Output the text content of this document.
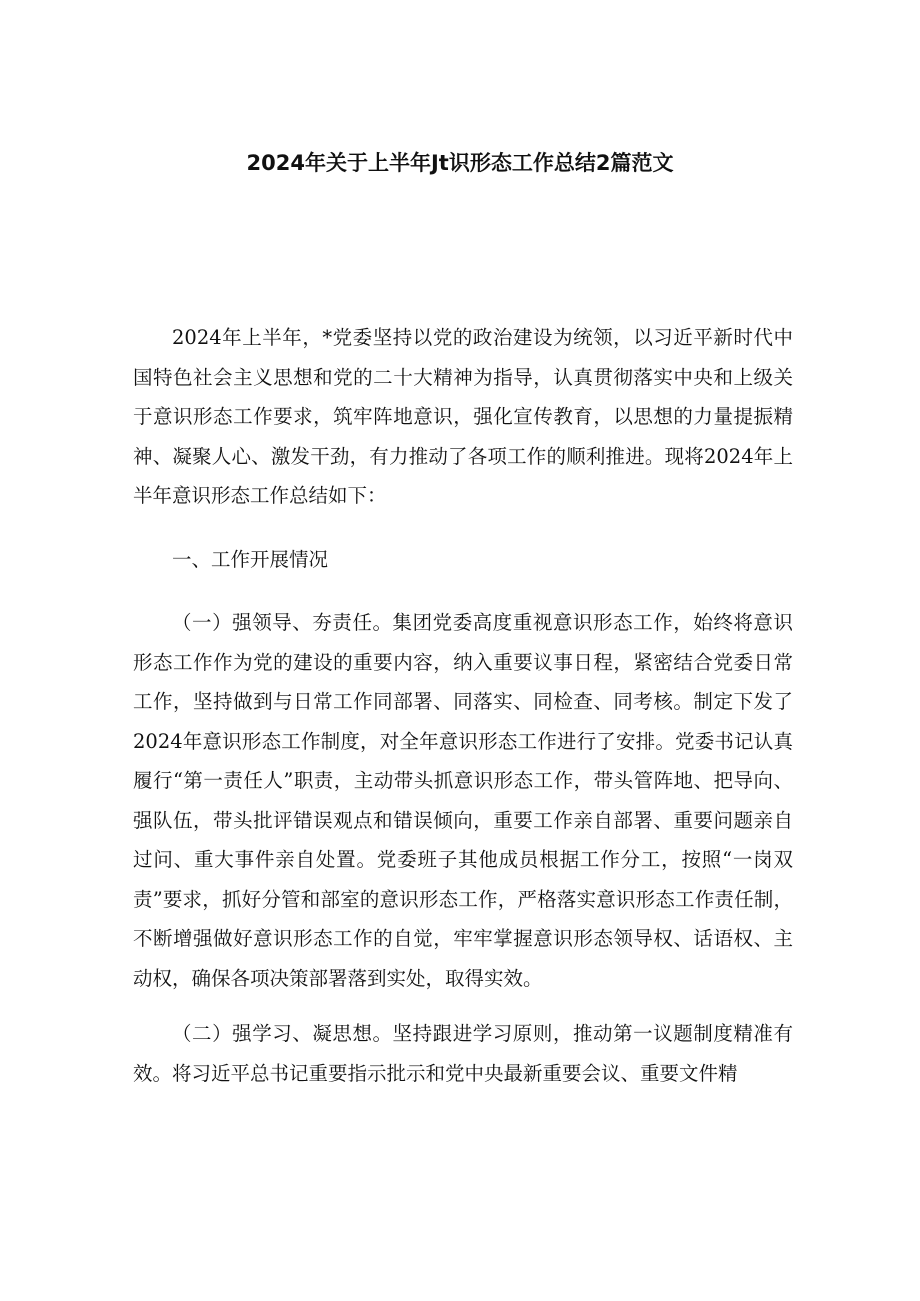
2024年关于上半年Jt识形态工作总结2篇范文

2024年上半年，*党委坚持以党的政治建设为统领，以习近平新时代中国特色社会主义思想和党的二十大精神为指导，认真贯彻落实中央和上级关于意识形态工作要求，筑牢阵地意识，强化宣传教育，以思想的力量提振精神、凝聚人心、激发干劲，有力推动了各项工作的顺利推进。现将2024年上半年意识形态工作总结如下：

一、工作开展情况

（一）强领导、夯责任。集团党委高度重视意识形态工作，始终将意识形态工作作为党的建设的重要内容，纳入重要议事日程，紧密结合党委日常工作，坚持做到与日常工作同部署、同落实、同检查、同考核。制定下发了2024年意识形态工作制度，对全年意识形态工作进行了安排。党委书记认真履行“第一责任人”职责，主动带头抓意识形态工作，带头管阵地、把导向、强队伍，带头批评错误观点和错误倾向，重要工作亲自部署、重要问题亲自过问、重大事件亲自处置。党委班子其他成员根据工作分工，按照“一岗双责”要求，抓好分管和部室的意识形态工作，严格落实意识形态工作责任制，不断增强做好意识形态工作的自觉，牢牢掌握意识形态领导权、话语权、主动权，确保各项决策部署落到实处，取得实效。

（二）强学习、凝思想。坚持跟进学习原则，推动第一议题制度精准有效。将习近平总书记重要指示批示和党中央最新重要会议、重要文件精
